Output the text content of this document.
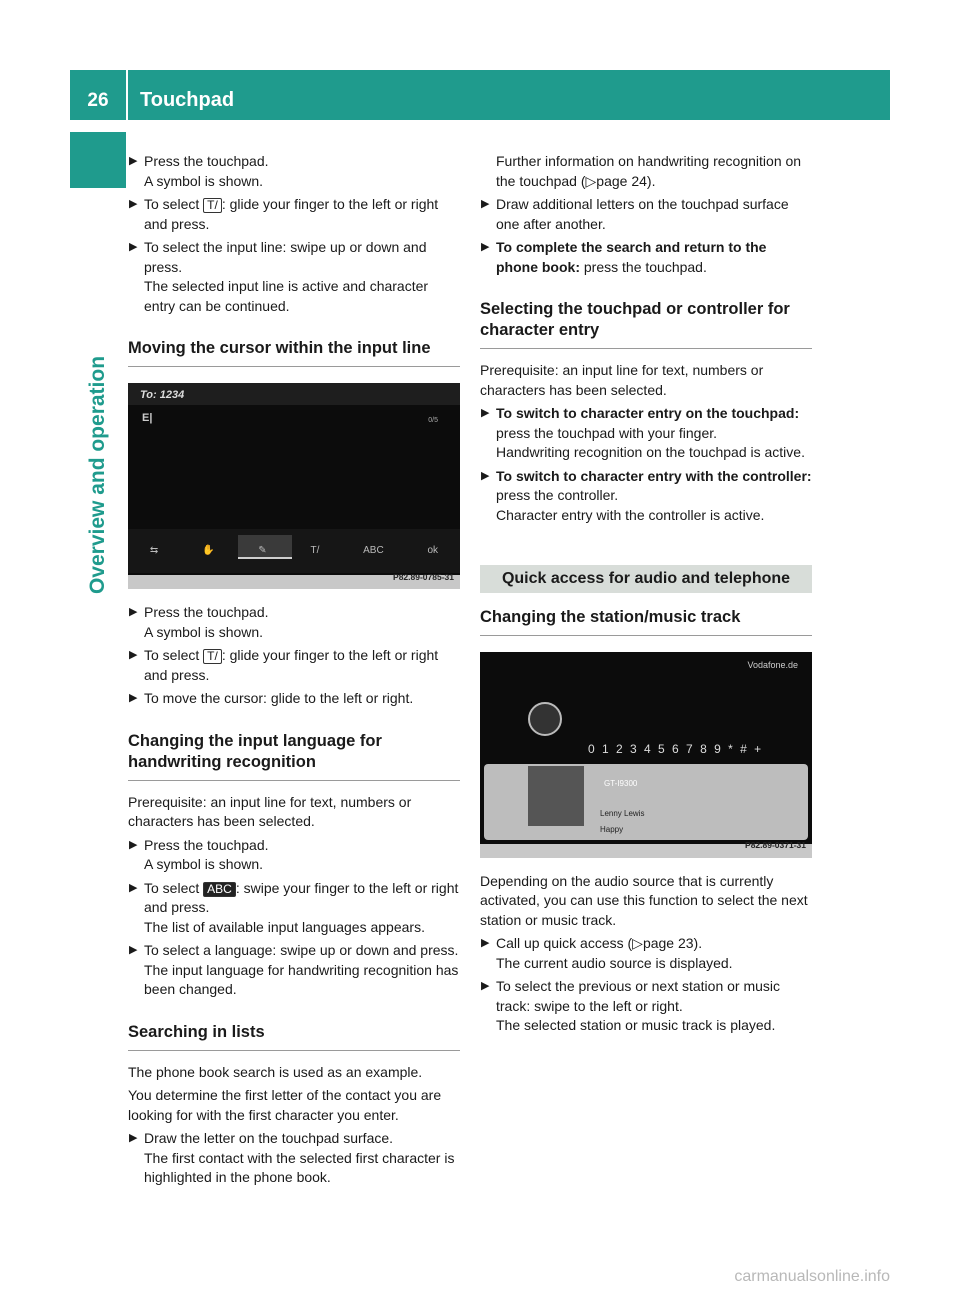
26	Touchpad
Overview and operation
▶ Press the touchpad.
A symbol is shown.
▶ To select T/ : glide your finger to the left or right and press.
▶ To select the input line: swipe up or down and press.
The selected input line is active and character entry can be continued.
Moving the cursor within the input line
To: 1234
E|	0/5
⇆	✋	✎	T/	ABC	ok
P82.89-0785-31
▶ Press the touchpad.
A symbol is shown.
▶ To select T/ : glide your finger to the left or right and press.
▶ To move the cursor: glide to the left or right.
Changing the input language for handwriting recognition
Prerequisite: an input line for text, numbers or characters has been selected.
▶ Press the touchpad.
A symbol is shown.
▶ To select ABC : swipe your finger to the left or right and press.
The list of available input languages appears.
▶ To select a language: swipe up or down and press.
The input language for handwriting recognition has been changed.
Searching in lists
The phone book search is used as an example.
You determine the first letter of the contact you are looking for with the first character you enter.
▶ Draw the letter on the touchpad surface.
The first contact with the selected first character is highlighted in the phone book.
Further information on handwriting recognition on the touchpad (▷page 24).
▶ Draw additional letters on the touchpad surface one after another.
▶ To complete the search and return to the phone book: press the touchpad.
Selecting the touchpad or controller for character entry
Prerequisite: an input line for text, numbers or characters has been selected.
▶ To switch to character entry on the touchpad: press the touchpad with your finger.
Handwriting recognition on the touchpad is active.
▶ To switch to character entry with the controller: press the controller.
Character entry with the controller is active.
Quick access for audio and telephone
Changing the station/music track
Vodafone.de
0 1 2 3 4 5 6 7 8 9 * # +
GT-I9300
Lenny Lewis
Happy
P82.89-0371-31
Depending on the audio source that is currently activated, you can use this function to select the next station or music track.
▶ Call up quick access (▷page 23).
The current audio source is displayed.
▶ To select the previous or next station or music track: swipe to the left or right.
The selected station or music track is played.
carmanualsonline.info
